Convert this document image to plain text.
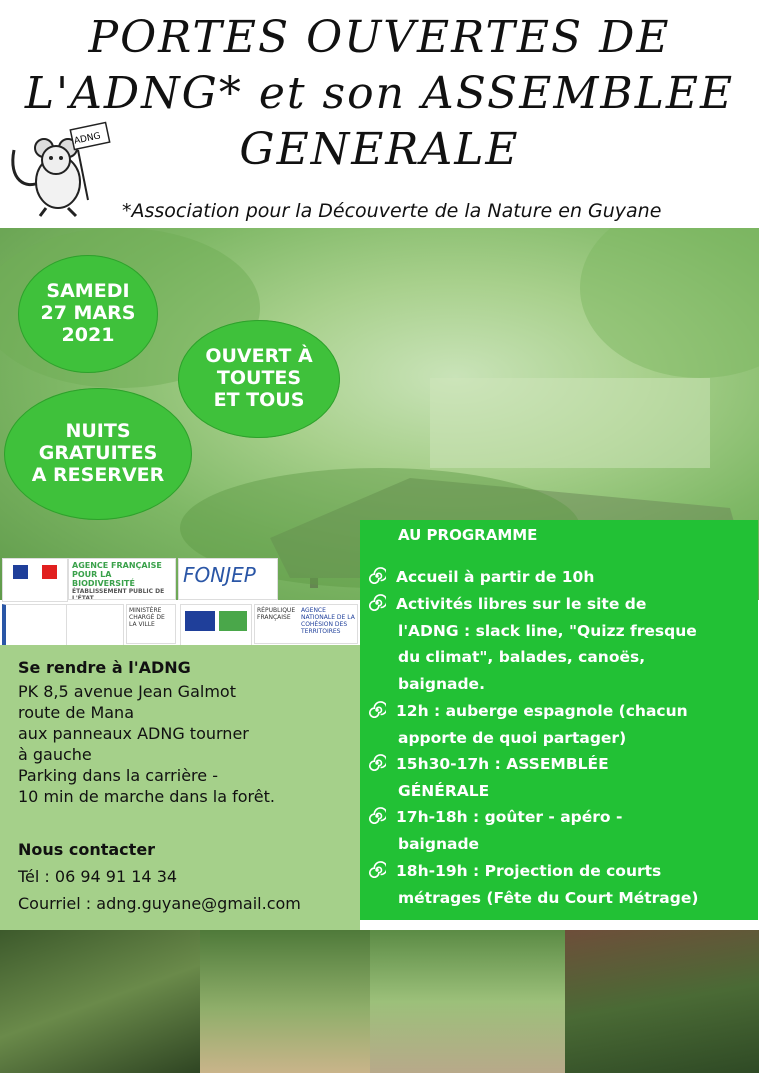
PORTES OUVERTES DE
L'ADNG* et son ASSEMBLEE
GENERALE
ADNG
*Association pour la Découverte de la Nature en Guyane
SAMEDI
27 MARS
2021
OUVERT À
TOUTES
ET TOUS
NUITS
GRATUITES
A RESERVER
AGENCE FRANÇAISE POUR LA BIODIVERSITÉ
ÉTABLISSEMENT PUBLIC DE L'ÉTAT
FONJEP
MINISTÈRE CHARGÉ DE LA VILLE
RÉPUBLIQUE FRANÇAISE
AGENCE NATIONALE DE LA COHÉSION DES TERRITOIRES
Se rendre à l'ADNG
PK 8,5 avenue Jean Galmot
route de Mana
aux panneaux ADNG tourner
à gauche
Parking dans la carrière -
10 min de marche dans la forêt.
Nous contacter
Tél : 06 94 91 14 34
Courriel : adng.guyane@gmail.com
AU PROGRAMME
Accueil à partir de 10h
Activités libres sur le site de
l'ADNG : slack line, "Quizz fresque
du climat", balades, canoës,
baignade.
12h : auberge espagnole (chacun
apporte de quoi partager)
15h30-17h : ASSEMBLÉE
GÉNÉRALE
17h-18h : goûter - apéro -
baignade
18h-19h : Projection de courts
métrages (Fête du Court Métrage)
